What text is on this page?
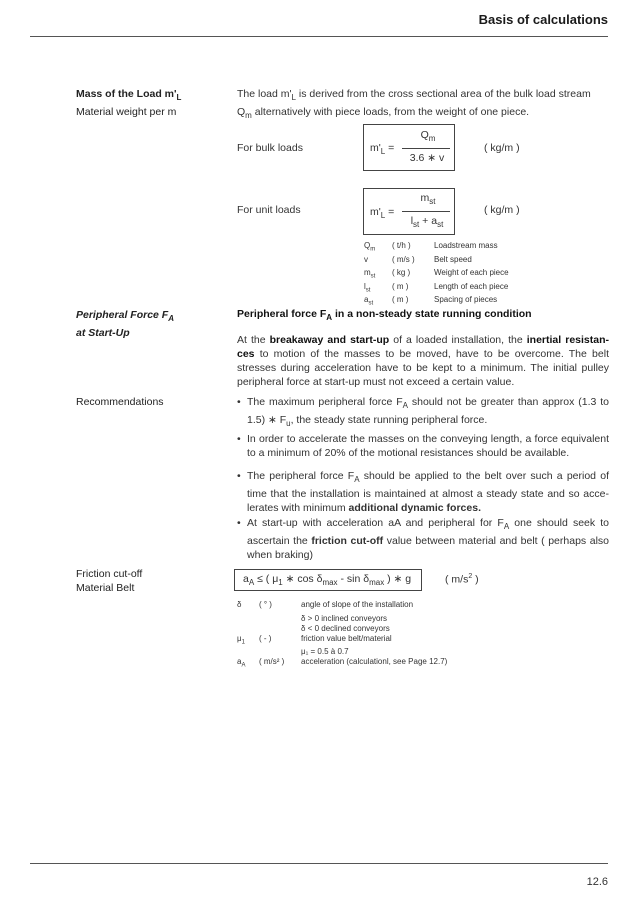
Basis of calculations
Mass of the Load $m'_L$
Material weight per m
The load $m'_L$ is derived from the cross sectional area of the bulk load stream
$Q_m$ alternatively with piece loads, from the weight of one piece.
For bulk loads	$m'_L$ =
$Q_m$
3.6 ∗ v
( kg/m )
For unit loads	$m'_L$ =
$m_{st}$
$l_{st} + a_{st}$
( kg/m )
$Q_m$	( t/h )	Loadstream mass
v	( m/s )	Belt speed
$m_{st}$	( kg )	Weight of each piece
$l_{st}$	( m )	Length of each piece
$a_{st}$	( m )	Spacing of pieces
Peripheral Force $F_A$
at Start-Up
Peripheral force $F_A$ in a non-steady state running condition
At the breakaway and start-up of a loaded installation, the inertial resistances to motion of the masses to be moved, have to be overcome. The belt stresses during acceleration have to be kept to a minimum. The initial pulley peripheral force at start-up must not exceed a certain value.
Recommendations	• The maximum peripheral force $F_A$ should not be greater than approx (1.3 to 1.5) ∗ $F_u$, the steady state running peripheral force.
• In order to accelerate the masses on the conveying length, a force equivalent to a minimum of 20% of the motional resistances should be available.
• The peripheral force $F_A$ should be applied to the belt over such a period of time that the installation is maintained at almost a steady state and so accelerates with minimum additional dynamic forces.
• At start-up with acceleration aA and peripheral for $F_A$ one should seek to ascertain the friction cut-off value between material and belt ( perhaps also when braking)
Friction cut-off
Material Belt
$a_A$ ≤ ( $\mu_1$ ∗ $\cos \delta_{max}$ - $\sin \delta_{max}$ ) ∗ g	( $m/s^2$ )
δ	( ° )	angle of slope of the installation
		δ > 0 inclined conveyors
		δ < 0 declined conveyors
$\mu_1$	( - )	friction value belt/material
		μ₁ = 0.5 à 0.7
$a_A$	( m/s² )	acceleration (calculationl, see Page 12.7)
12.6
